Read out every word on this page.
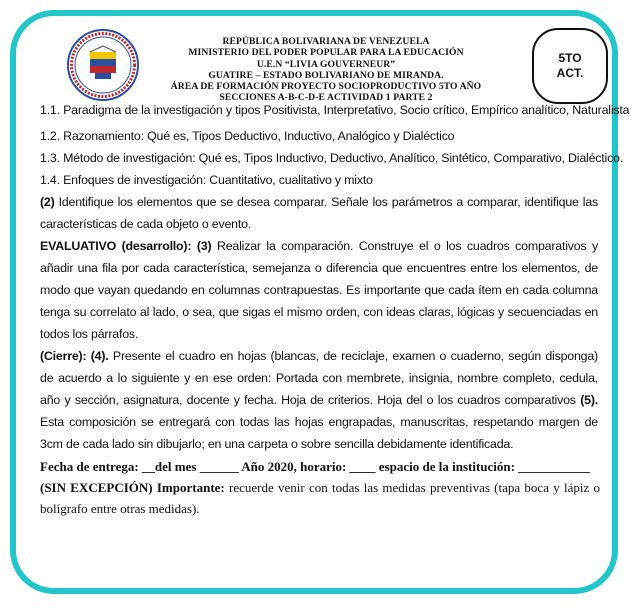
REPÚBLICA BOLIVARIANA DE VENEZUELA
MINISTERIO DEL PODER POPULAR PARA LA EDUCACIÓN
U.E.N “LIVIA GOUVERNEUR”
GUATIRE – ESTADO BOLIVARIANO DE MIRANDA.
ÁREA DE FORMACIÓN PROYECTO SOCIOPRODUCTIVO 5TO AÑO
SECCIONES A-B-C-D-E ACTIVIDAD 1 PARTE 2
5TO
ACT.
1.1. Paradigma de la investigación y tipos Positivista, Interpretativo, Socio crítico, Empírico analítico, Naturalista
1.2. Razonamiento: Qué es, Tipos Deductivo, Inductivo, Analógico y Dialéctico
1.3. Método de investigación: Qué es, Tipos Inductivo, Deductivo, Analítico, Sintético, Comparativo, Dialéctico.
1.4. Enfoques de investigación: Cuantitativo, cualitativo y mixto
(2) Identifique los elementos que se desea comparar. Señale los parámetros a comparar, identifique las características de cada objeto o evento.
EVALUATIVO (desarrollo): (3) Realizar la comparación. Construye el o los cuadros comparativos y añadir una fila por cada característica, semejanza o diferencia que encuentres entre los elementos, de modo que vayan quedando en columnas contrapuestas. Es importante que cada ítem en cada columna tenga su correlato al lado, o sea, que sigas el mismo orden, con ideas claras, lógicas y secuenciadas en todos los párrafos.
(Cierre): (4). Presente el cuadro en hojas (blancas, de reciclaje, examen o cuaderno, según disponga) de acuerdo a lo siguiente y en ese orden: Portada con membrete, insignia, nombre completo, cedula, año y sección, asignatura, docente y fecha. Hoja de criterios. Hoja del o los cuadros comparativos (5). Esta composición se entregará con todas las hojas engrapadas, manuscritas, respetando margen de 3cm de cada lado sin dibujarlo; en una carpeta o sobre sencilla debidamente identificada.
Fecha de entrega: __del mes ______ Año 2020, horario: ____ espacio de la institución: ___________
(SIN EXCEPCIÓN) Importante: recuerde venir con todas las medidas preventivas (tapa boca y lápiz o bolígrafo entre otras medidas).
